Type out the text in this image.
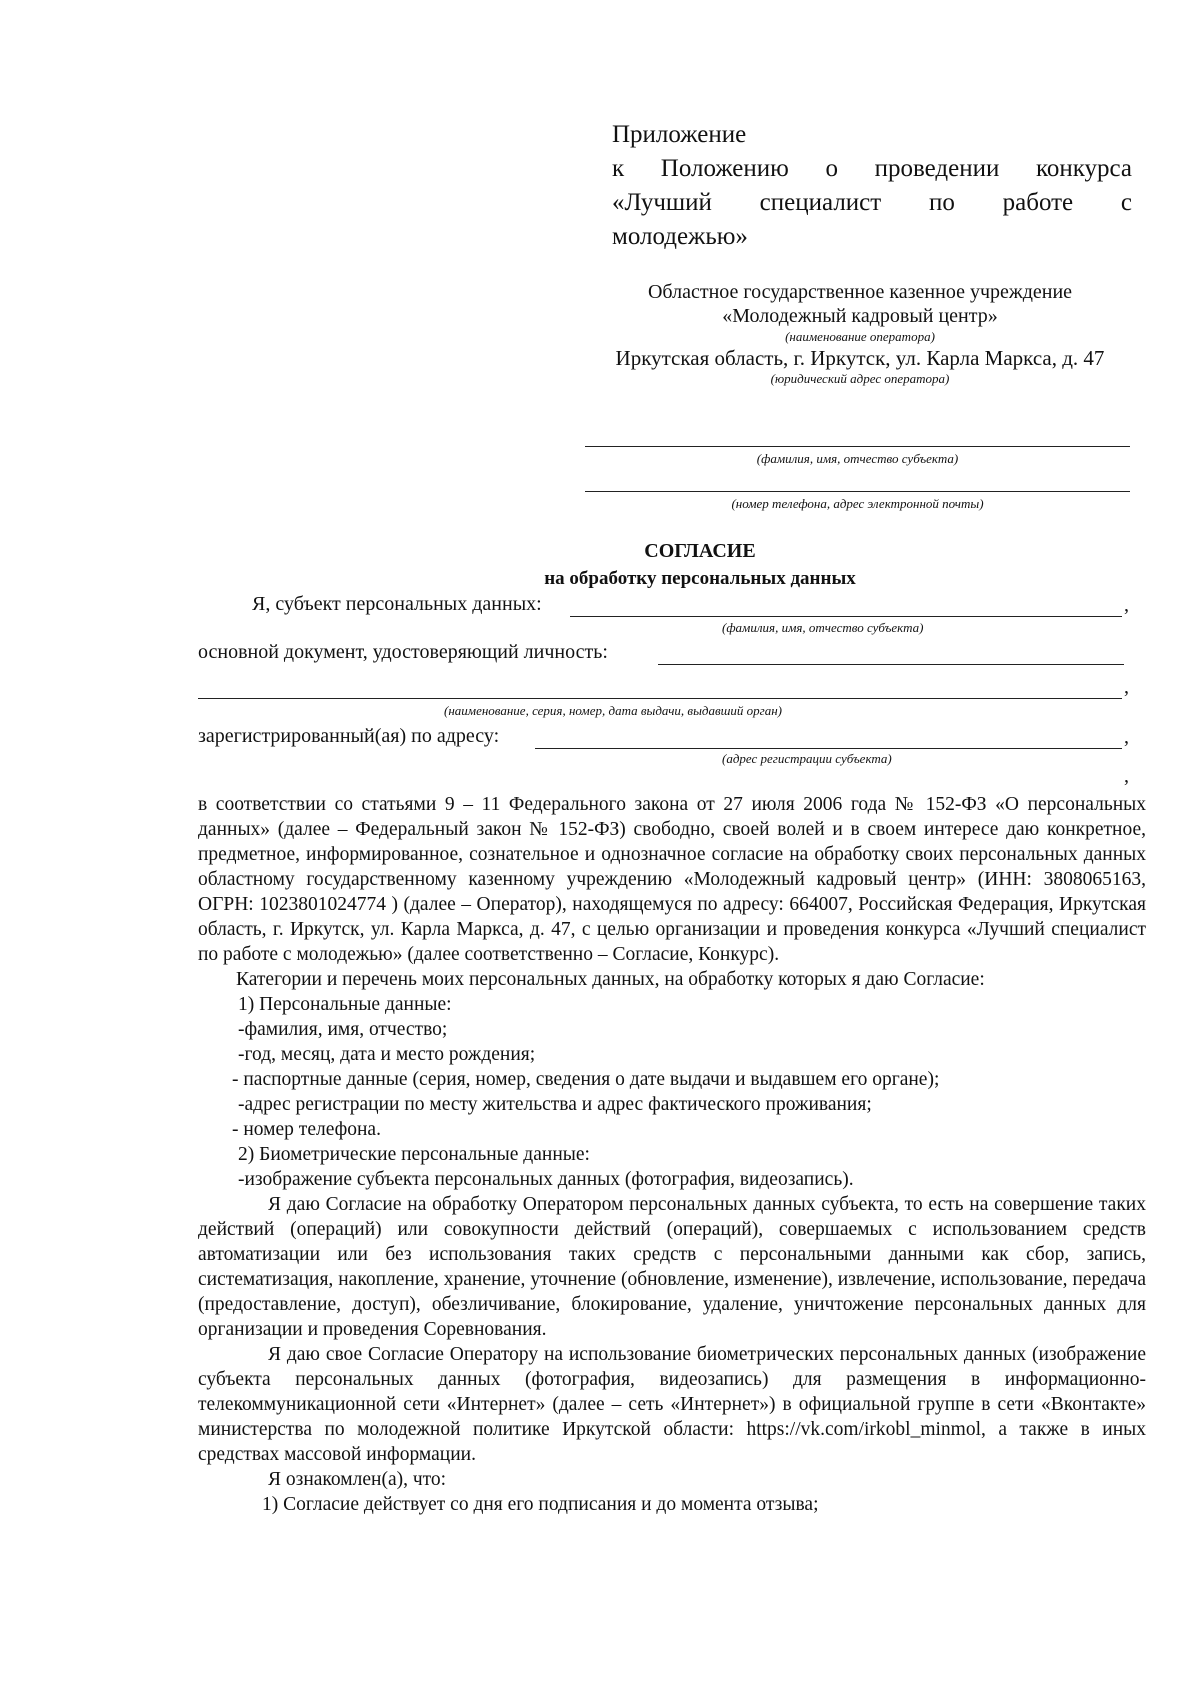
Приложение
к Положению о проведении конкурса
«Лучший специалист по работе с
молодежью»
Областное государственное казенное учреждение
«Молодежный кадровый центр»
(наименование оператора)
Иркутская область, г. Иркутск, ул. Карла Маркса, д. 47
(юридический адрес оператора)
(фамилия, имя, отчество субъекта)
(номер телефона, адрес электронной почты)
СОГЛАСИЕ
на обработку персональных данных
Я, субъект персональных данных:	,
(фамилия, имя, отчество субъекта)
основной документ, удостоверяющий личность:
,
(наименование, серия, номер, дата выдачи, выдавший орган)
зарегистрированный(ая) по адресу:	,
(адрес регистрации субъекта)
,

в соответствии со статьями 9 – 11 Федерального закона от 27 июля 2006 года № 152-ФЗ «О персональных данных» (далее – Федеральный закон № 152-ФЗ) свободно, своей волей и в своем интересе даю конкретное, предметное, информированное, сознательное и однозначное согласие на обработку своих персональных данных областному государственному казенному учреждению «Молодежный кадровый центр» (ИНН: 3808065163, ОГРН: 1023801024774 ) (далее – Оператор), находящемуся по адресу: 664007, Российская Федерация, Иркутская область, г. Иркутск, ул. Карла Маркса, д. 47, с целью организации и проведения конкурса «Лучший специалист по работе с молодежью» (далее соответственно – Согласие, Конкурс).

Категории и перечень моих персональных данных, на обработку которых я даю Согласие:

1) Персональные данные:

-фамилия, имя, отчество;

-год, месяц, дата и место рождения;

- паспортные данные (серия, номер, сведения о дате выдачи и выдавшем его органе);

-адрес регистрации по месту жительства и адрес фактического проживания;

- номер телефона.

2) Биометрические персональные данные:

-изображение субъекта персональных данных (фотография, видеозапись).

Я даю Согласие на обработку Оператором персональных данных субъекта, то есть на совершение таких действий (операций) или совокупности действий (операций), совершаемых с использованием средств автоматизации или без использования таких средств с персональными данными как сбор, запись, систематизация, накопление, хранение, уточнение (обновление, изменение), извлечение, использование, передача (предоставление, доступ), обезличивание, блокирование, удаление, уничтожение персональных данных для организации и проведения Соревнования.

Я даю свое Согласие Оператору на использование биометрических персональных данных (изображение субъекта персональных данных (фотография, видеозапись) для размещения в информационно-телекоммуникационной сети «Интернет» (далее – сеть «Интернет») в официальной группе в сети «Вконтакте» министерства по молодежной политике Иркутской области: https://vk.com/irkobl_minmol, а также в иных средствах массовой информации.

Я ознакомлен(а), что:

1) Согласие действует со дня его подписания и до момента отзыва;
